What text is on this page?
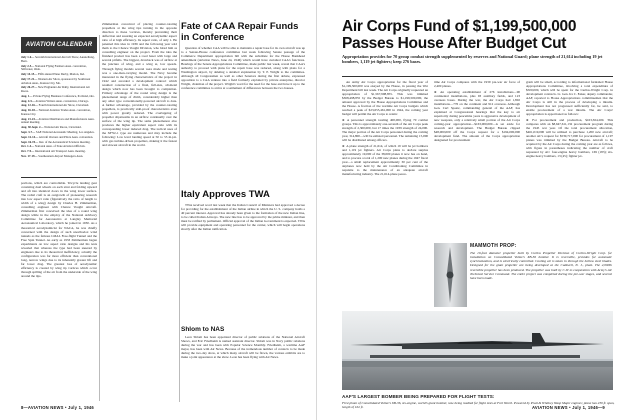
AVIATION CALENDAR
July 1-6— Seventh International Aircraft Show, Ausstellung, Bern.
July 2-5— National Flying Farmers Assn. convention, Stillwater, Okla.
July 14-15— Fifth annual Plane Derby, Marion, Ind.
July 17-21— Western Air Show, sponsored by Southwest Aviation Assn., Kansas City, Mo.
July 26-27— New Englander Air Rally, International Air Races.
Aug. 1— Private Flying Business Conference, Portland, Ore.
Aug. 4-5— Aviation Writers Assn. convention, Chicago.
Aug. 12-16— Fourth International Air Show, Cleveland.
Aug. 16-18— National Aviation Trades Assn. convention, Kansas City.
Aug. 21-23— Aviation Distributors and Manufacturers Assn. annual meeting.
Aug. 30-Sept. 2— National Air Races, Cleveland.
Sept. 3-7— SAE National Aeronautic Meeting, Los Angeles.
Sept. 12-14— Aircraft Owners and Pilots Assn. convention.
Sept. 16-19— Inst. of the Aeronautical Sciences meeting.
Oct. 1-4— National Assn. of State Aviation Officials.
Oct. 7-9— International Air Transport Assn. meeting.
Nov. 17-19— Southeastern Airport Managers Assn.

portions, which are controllable. Tricycle landing gear consisting dual wheels on each strut and folding upward and aft into identical doors in the wing lower surface. The radial craft is an outgrowth of pioneering research into low aspect ratio (figuratively the ratio of length to width of a wing) design by Charles H. Zimmerman, consulting engineer with Chance Vought Aircraft. Zimmerman first conceived the idea of a round wing design while in the employ of the National Advisory Committee for Aeronautics at Langley Memorial Aeronautical Laboratory, which he joined in 1930. As a theoretical aerodynamicist for NACA, he was chiefly concerned with the design of such unorthodox wind tunnels as the famous LMAL Free-flight Tunnel and the Free Spin Tunnel. As early as 1933 Zimmerman began experiments on low aspect ratio designs and his tests revealed that whereas the type had been sneered by engineers due to its theoretical inefficiency, actually the configuration was far more efficient than conventional long, narrow wings due to its inherently greater lift and far lower drag. The greatest loss of aerodynamic efficiency is created by wing tip vortices which occur through spilling of the air from the underside of the wing around the tips.

Zimmerman conceived of placing counter-rotating propellers at the wing tips turning in the opposite direction to these vortices, thereby preventing their deflection and assuring an expected aerodynamic aspect ratio of at high efficiency. Its aspect ratio, of only 1. He patented this idea in 1936 and the following year sold them to the Chance Vought Division, who hired him as consulting engineer on the project. From the idea the finished product has been a road beset with large and several pitfalls. The biggest, drawback was of airflow at the juncture of wing, and a wing at, low speeds. Through flying models several were made and testing was a one-man-carrying model. The Navy became interested in the flying characteristics of the project in 1942 and awarded a development contract which resulted construction of a final, full-size, all-metal design which now has been brought to completion. Primary advantage of the round wing design is the phenomenal range of climb, considerably higher than any other type conventionally-powered aircraft to date. A further advantage, provided by the counter-rotating propellers, is practically stall-proof characteristics even with power greatly reduced. The overlapping of propeller slipstreams in an airflow continually over the surface of the wing tip. The same phenomenon also produces the higher equivalent aspect ratio with its corresponding lower induced drag. The tactical uses of the XF5U-1 type are numerous and may include the following: Low level landing speed at 50 to 55 m.p.h. with gas turbine-driven propellers, making it the fastest and slowest aircraft in the world.

Fate of CAA Repair Funds in Conference

Question of whether CAA will be able to maintain a repair base for its own aircraft was up to a Senate-House conference committee last week following Senate passage of the Commerce Department appropriation bill with the substitute for the House Bankhead amendment (Aviation News, June 24, 1946) which would have curtailed CAA's functions. Hearings of the Senate Appropriations Committee, made public last week, reveal that CAA's authority to proceed with plans for the repair base was reduced, along with plans for a Washington airport, by deleting a detailed explanation by T. P. Wright to the committee. Although all Congressmen as well as other Senators during the first debate, expressed opposition to a CAA venture into a field formerly exploited by private enterprise, director Wright, chairman of the project. Wright's word for the need for the base and have it up to the conference committee to arrive at a settlement of differences between the two houses.

Italy Approves TWA

TWA received word last week that the Italian Council of Ministers had approved a decree for providing for the establishment of the Italian airline in which the U. S. company holds a 40 percent interest. Approval has already been given to the formation of the new Italian line, to be called Italian Airways. The new line has to be approved by the prime minister, and then must be ratified by parliament. Official approval of the Italian Government is expected. TWA will provide equipment and operating personnel for the carrier, which will begin operations shortly after the Italian ratification.

Shlom to NAS

Leon Shlom has been appointed director of public relations of the National Aircraft Shows, and Eric Friedheim is named assistant director. Shlom was in Navy public relations during the war and has been with Popular Science Monthly. Friedheim, a wartime AAF major, has been with Air News. Because of the tremendous number of contacts to be made during the two-day show, at which many aircraft will be flown, the various exhibits are to make a joint appearance at the show. Leon has been flying with Air News.

8—AVIATION NEWS • July 1, 1946
Air Corps Fund of $1,199,500,000 Passes House After Budget Cut
Appropriation provides for 70 group combat strength supplemented by reserves and National Guard; plane strength of 21,614 including 19 jet bombers, 1,119 jet fighters; keep 276 bases.

An Army Air Corps appropriation for the fiscal year of $1,199,500,000 was okayed by the House, in passing the War Department bill last week. The Air Corps originally requested an appropriation of $1,567,998,855. This was trimmed $368,498,855 by the Budget Bureau to $1,199,500,000, the amount approved by the House Appropriations Committee and the House. A fraction of the wartime Air Corps budgets which reached a peak of $23,655,461,000 in 1944, the coming year budget will permit the Air Corps to retain:

► A personnel strength totaling 400,000, flying 70 combat groups. This is approximately one-seventh of the Air Corps peak strength of 2,300,000, but 17 times the 1939 strength of 24,000. The major portion of the Air Corps personnel during the coming year, 314,800—will be enlisted personnel. The remaining 15,000 will be distributed among officers.

► A plane strength of 21,614, of which 19 will be jet bombers and 1,119 jet fighters. Air Corps plans to declare surplus approximately 19,000 of the 38,000 planes it now has on hand, and to procure a total of 1,200 new planes during the 1947 fiscal year—a small replacement approximately 30 per cent of the airplanes now held by the Air Conditioning Committee in requisite to the maintenance of an adequate aircraft manufacturing industry. The 21,614-plane peace-

time Air Corps compares with the 1939 pre-war air force of 2,400 planes.

► An operating establishment of 276 installations—90 continental installations, plus 93 auxiliary fields, and 123 overseas bases. During the war, the Air Corps had 1,802 installations—776 on the continent and 912 overseas. Although Gen. Carl Spaatz, commanding general of the AAF, has explained at Congressional hearings that the key to air superiority during peacetime years is aggressive development of new weapons, only a relatively small portion of the Air Corps coming-year appropriation—$163,000,000—is set aside for research and development. The Budget Bureau clipped $48,000,000 off the Corps request for a $194,000,000 development fund. The amount of the Corps appropriation designated for procurement

gram will be small, according to informational furnished House Appropriations Committee, involving a total expenditure of $500,000, which will be spent for the Curtiss-Wright Corp. in development contracts. Lt. Gen. Ira C. Eaker, deputy commander, AAF, reported to House Appropriations committeemen that the Air Corps is still in the process of developing a missile. Development has not progressed sufficiently far, he said, to enable procurement of a war missile. The Air Corps' appropriation is apportioned as follows:

► For procurement and production, $163,364,200. This compares with an $8,647,611,132 procurement program during the 1945 war year. Of the total procurement allocation, $461,019,000 will be utilized to purchase 1,200 new aircraft; another AC's request for $539,717,000 for procurement of 1,197 planes was trimmed by the Budget Bureau. Aircraft to be acquired by the Air Corps during the coming year are as follows, with figure in parentheses indicating the number of craft requested by AC: four-engine heavy bombers, 169 (183); six-engine heavy bombers, 13 (45); fighter jet-

MAMMOTH PROP:
The 19-foot diameter propeller built by Curtiss Propeller Division of Curtiss-Wright Corp. for installation on Consolidated Vultee's XB-36 bomber. It is reversible, provides for automatic synchronization, and is electrically controlled. Cooling air is taken in through the hollow steel blades. Designed for the giant propeller are being developed at the Caldwell, N. J., plant. The 2,000th reversible propeller has been produced. The propeller was built by C-W to cooperation with Army's Air Technical Service Command. The entire project was completed during the pre-war stages, and several have been made.
AAF'S LARGEST BOMBER BEING PREPARED FOR FLIGHT TESTS:
First photo of Consolidated Vultee's XB-36, six-engine, world's giant bomber, now being readied for flight tests at Fort Worth. Powered by Pratt & Whitney Wasp Major engines; plane has 230 ft. span, length of 162 ft.	AVIATION NEWS • July 1, 1946—9
